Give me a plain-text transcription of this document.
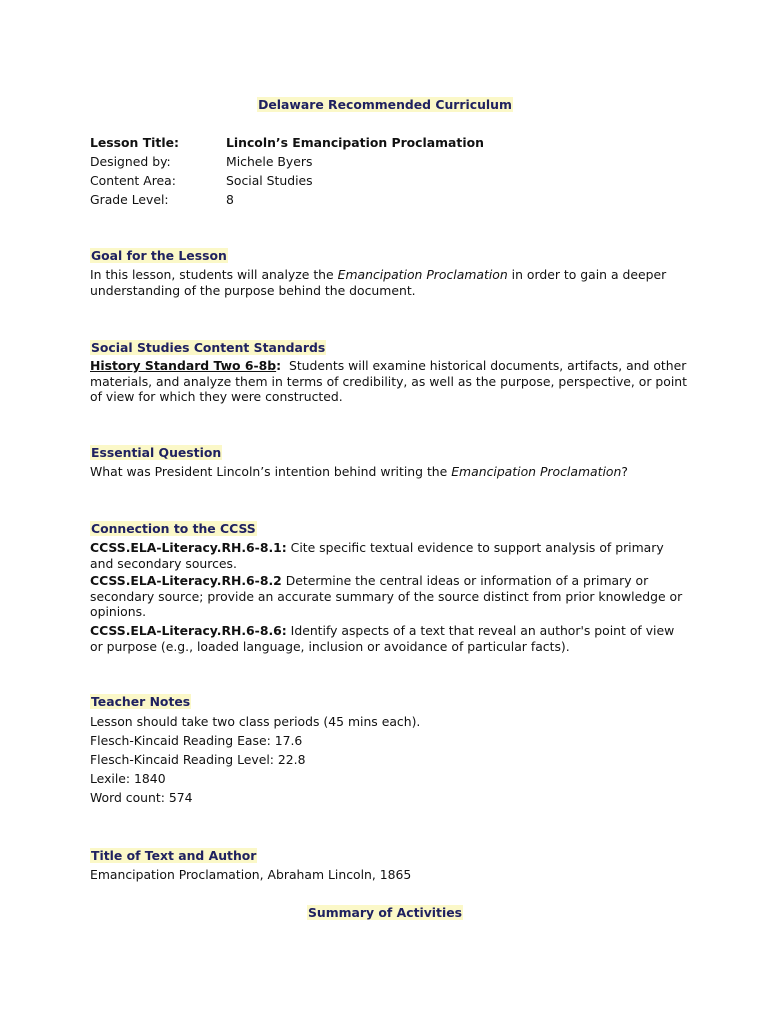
Delaware Recommended Curriculum
Lesson Title:	Lincoln’s Emancipation Proclamation
Designed by:	Michele Byers
Content Area:	Social Studies
Grade Level:	8
Goal for the Lesson
In this lesson, students will analyze the Emancipation Proclamation in order to gain a deeper understanding of the purpose behind the document.
Social Studies Content Standards
History Standard Two 6-8b:  Students will examine historical documents, artifacts, and other materials, and analyze them in terms of credibility, as well as the purpose, perspective, or point of view for which they were constructed.
Essential Question
What was President Lincoln’s intention behind writing the Emancipation Proclamation?
Connection to the CCSS
CCSS.ELA-Literacy.RH.6-8.1: Cite specific textual evidence to support analysis of primary and secondary sources.
CCSS.ELA-Literacy.RH.6-8.2 Determine the central ideas or information of a primary or secondary source; provide an accurate summary of the source distinct from prior knowledge or opinions.
CCSS.ELA-Literacy.RH.6-8.6: Identify aspects of a text that reveal an author's point of view or purpose (e.g., loaded language, inclusion or avoidance of particular facts).
Teacher Notes
Lesson should take two class periods (45 mins each).
Flesch-Kincaid Reading Ease: 17.6
Flesch-Kincaid Reading Level: 22.8
Lexile: 1840
Word count: 574
Title of Text and Author
Emancipation Proclamation, Abraham Lincoln, 1865
Summary of Activities
